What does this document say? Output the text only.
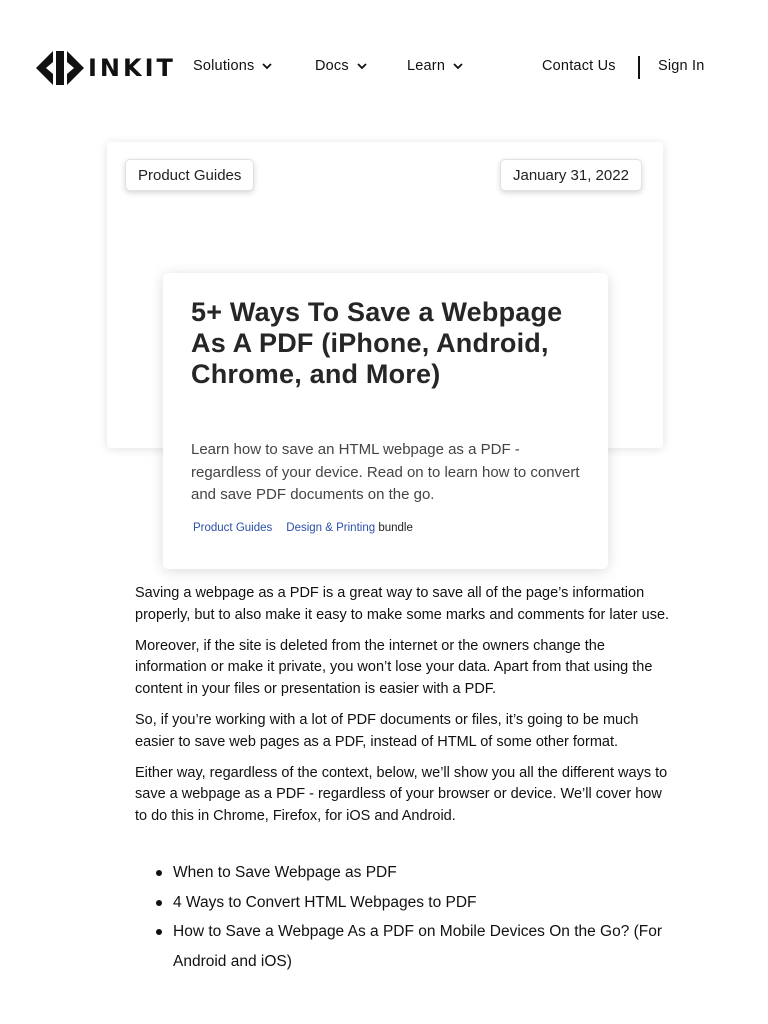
INKIT Solutions	Docs	Learn	Contact Us	Sign In
Product Guides	January 31, 2022
5+ Ways To Save a Webpage As A PDF (iPhone, Android, Chrome, and More)

Learn how to save an HTML webpage as a PDF - regardless of your device. Read on to learn how to convert and save PDF documents on the go.

Product Guides Design & Printing bundle

Saving a webpage as a PDF is a great way to save all of the page’s information properly, but to also make it easy to make some marks and comments for later use.

Moreover, if the site is deleted from the internet or the owners change the information or make it private, you won’t lose your data. Apart from that using the content in your files or presentation is easier with a PDF.

So, if you’re working with a lot of PDF documents or files, it’s going to be much easier to save web pages as a PDF, instead of HTML of some other format.

Either way, regardless of the context, below, we’ll show you all the different ways to save a webpage as a PDF - regardless of your browser or device. We’ll cover how to do this in Chrome, Firefox, for iOS and Android.

When to Save Webpage as PDF
4 Ways to Convert HTML Webpages to PDF
How to Save a Webpage As a PDF on Mobile Devices On the Go? (For Android and iOS)
